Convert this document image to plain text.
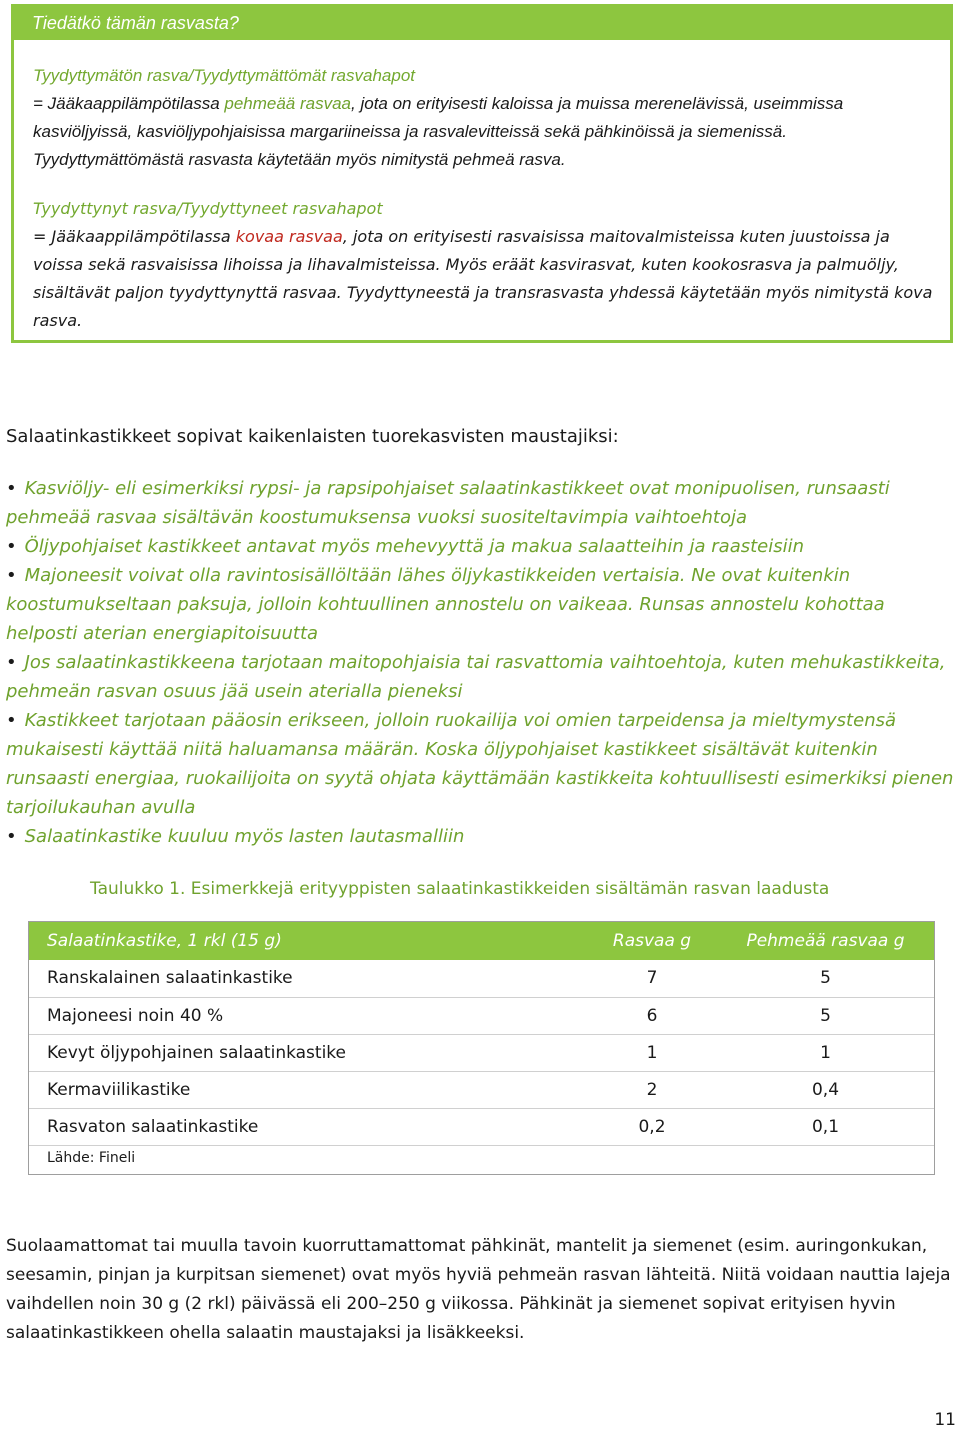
Tiedätkö tämän rasvasta?

Tyydyttymätön rasva/Tyydyttymättömät rasvahapot
= Jääkaappilämpötilassa pehmeää rasvaa, jota on erityisesti kaloissa ja muissa merenelävissä, useimmissa kasviöljyissä, kasviöljypohjaisissa margariineissa ja rasvalevitteissä sekä pähkinöissä ja siemenissä. Tyydyttymättömästä rasvasta käytetään myös nimitystä pehmeä rasva.

Tyydyttynyt rasva/Tyydyttyneet rasvahapot
= Jääkaappilämpötilassa kovaa rasvaa, jota on erityisesti rasvaisissa maitovalmisteissa kuten juustoissa ja voissa sekä rasvaisissa lihoissa ja lihavalmisteissa. Myös eräät kasvirasvat, kuten kookosrasva ja palmuöljy, sisältävät paljon tyydyttynyttä rasvaa. Tyydyttyneestä ja transrasvasta yhdessä käytetään myös nimitystä kova rasva.

Salaatinkastikkeet sopivat kaikenlaisten tuorekasvisten maustajiksi:
• Kasviöljy- eli esimerkiksi rypsi- ja rapsipohjaiset salaatinkastikkeet ovat monipuolisen, runsaasti pehmeää rasvaa sisältävän koostumuksensa vuoksi suositeltavimpia vaihtoehtoja
• Öljypohjaiset kastikkeet antavat myös mehevyyttä ja makua salaatteihin ja raasteisiin
• Majoneesit voivat olla ravintosisällöltään lähes öljykastikkeiden vertaisia. Ne ovat kuitenkin koostumukseltaan paksuja, jolloin kohtuullinen annostelu on vaikeaa. Runsas annostelu kohottaa helposti aterian energiapitoisuutta
• Jos salaatinkastikkeena tarjotaan maitopohjaisia tai rasvattomia vaihtoehtoja, kuten mehukastikkeita, pehmeän rasvan osuus jää usein aterialla pieneksi
• Kastikkeet tarjotaan pääosin erikseen, jolloin ruokailija voi omien tarpeidensa ja mieltymystensä mukaisesti käyttää niitä haluamansa määrän. Koska öljypohjaiset kastikkeet sisältävät kuitenkin runsaasti energiaa, ruokailijoita on syytä ohjata käyttämään kastikkeita kohtuullisesti esimerkiksi pienen tarjoilukauhan avulla
• Salaatinkastike kuuluu myös lasten lautasmalliin

Taulukko 1. Esimerkkejä erityyppisten salaatinkastikkeiden sisältämän rasvan laadusta

Salaatinkastike, 1 rkl (15 g)	Rasvaa g	Pehmeää rasvaa g
Ranskalainen salaatinkastike	7	5
Majoneesi noin 40 %	6	5
Kevyt öljypohjainen salaatinkastike	1	1
Kermaviilikastike	2	0,4
Rasvaton salaatinkastike	0,2	0,1
Lähde: Fineli

Suolaamattomat tai muulla tavoin kuorruttamattomat pähkinät, mantelit ja siemenet (esim. auringonkukan, seesamin, pinjan ja kurpitsan siemenet) ovat myös hyviä pehmeän rasvan lähteitä. Niitä voidaan nauttia lajeja vaihdellen noin 30 g (2 rkl) päivässä eli 200–250 g viikossa. Pähkinät ja siemenet sopivat erityisen hyvin salaatinkastikkeen ohella salaatin maustajaksi ja lisäkkeeksi.

11
